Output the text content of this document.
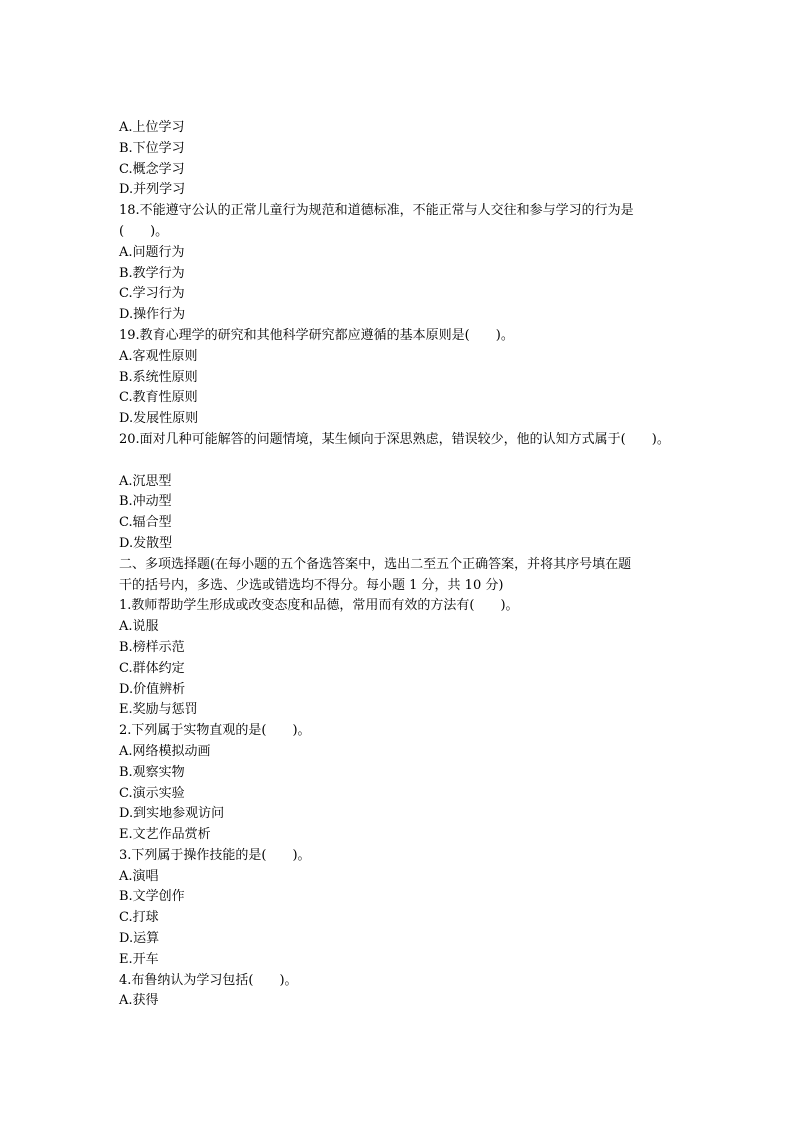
A.上位学习
B.下位学习
C.概念学习
D.并列学习
18.不能遵守公认的正常儿童行为规范和道德标准，不能正常与人交往和参与学习的行为是
(　　)。
A.问题行为
B.教学行为
C.学习行为
D.操作行为
19.教育心理学的研究和其他科学研究都应遵循的基本原则是(　　)。
A.客观性原则
B.系统性原则
C.教育性原则
D.发展性原则
20.面对几种可能解答的问题情境，某生倾向于深思熟虑，错误较少，他的认知方式属于(　　)。
A.沉思型
B.冲动型
C.辐合型
D.发散型
二、多项选择题(在每小题的五个备选答案中，选出二至五个正确答案，并将其序号填在题
干的括号内，多选、少选或错选均不得分。每小题 1 分，共 10 分)
1.教师帮助学生形成或改变态度和品德，常用而有效的方法有(　　)。
A.说服
B.榜样示范
C.群体约定
D.价值辨析
E.奖励与惩罚
2.下列属于实物直观的是(　　)。
A.网络模拟动画
B.观察实物
C.演示实验
D.到实地参观访问
E.文艺作品赏析
3.下列属于操作技能的是(　　)。
A.演唱
B.文学创作
C.打球
D.运算
E.开车
4.布鲁纳认为学习包括(　　)。
A.获得
